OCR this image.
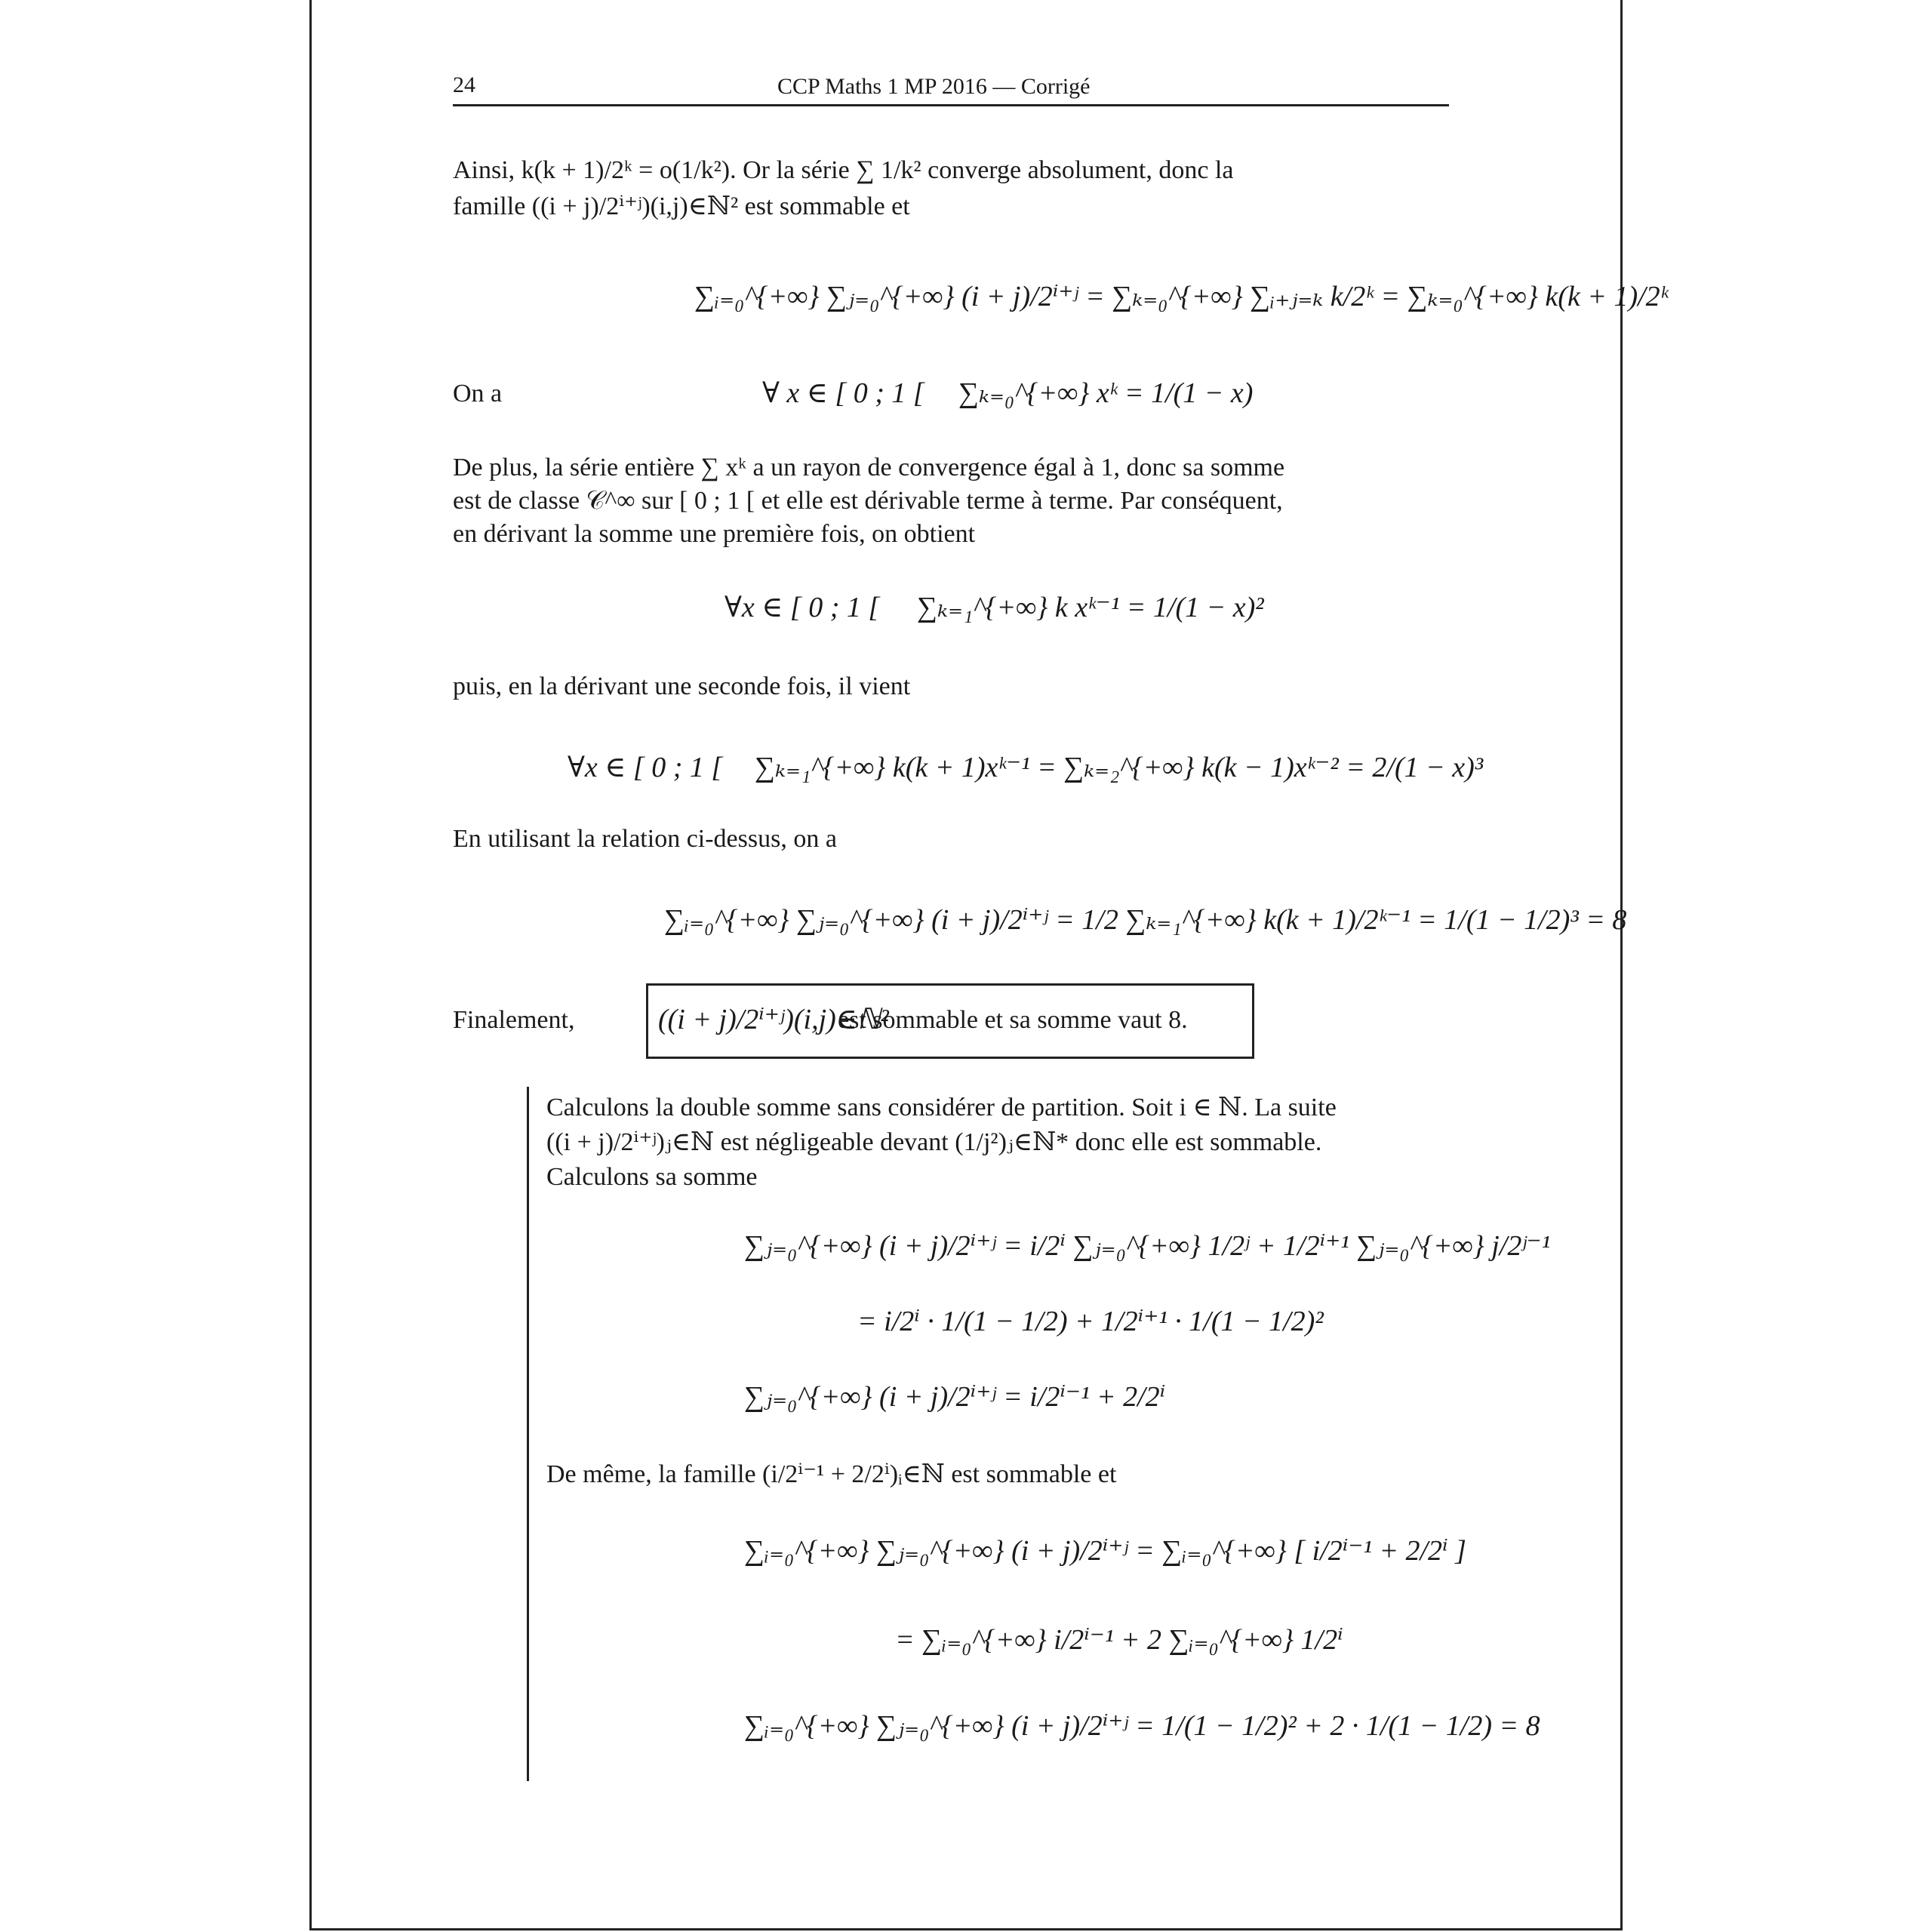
24	CCP Maths 1 MP 2016 — Corrigé
Ainsi, k(k + 1)/2ᵏ = o(1/k²). Or la série ∑ 1/k² converge absolument, donc la
famille ((i + j)/2ⁱ⁺ʲ)(i,j)∈ℕ² est sommable et
∑ᵢ₌₀^{+∞} ∑ⱼ₌₀^{+∞} (i + j)/2ⁱ⁺ʲ = ∑ₖ₌₀^{+∞} ∑ᵢ₊ⱼ₌ₖ k/2ᵏ = ∑ₖ₌₀^{+∞} k(k + 1)/2ᵏ
On a	∀ x ∈ [ 0 ; 1 [ ∑ₖ₌₀^{+∞} xᵏ = 1/(1 − x)
De plus, la série entière ∑ xᵏ a un rayon de convergence égal à 1, donc sa somme
est de classe 𝒞^∞ sur [ 0 ; 1 [ et elle est dérivable terme à terme. Par conséquent,
en dérivant la somme une première fois, on obtient
∀x ∈ [ 0 ; 1 [ ∑ₖ₌₁^{+∞} k xᵏ⁻¹ = 1/(1 − x)²
puis, en la dérivant une seconde fois, il vient
∀x ∈ [ 0 ; 1 [ ∑ₖ₌₁^{+∞} k(k + 1)xᵏ⁻¹ = ∑ₖ₌₂^{+∞} k(k − 1)xᵏ⁻² = 2/(1 − x)³
En utilisant la relation ci-dessus, on a
∑ᵢ₌₀^{+∞} ∑ⱼ₌₀^{+∞} (i + j)/2ⁱ⁺ʲ = 1/2 ∑ₖ₌₁^{+∞} k(k + 1)/2ᵏ⁻¹ = 1/(1 − 1/2)³ = 8
Finalement,	((i + j)/2ⁱ⁺ʲ)(i,j)∈ℕ²
est sommable et sa somme vaut 8.
Calculons la double somme sans considérer de partition. Soit i ∈ ℕ. La suite
((i + j)/2ⁱ⁺ʲ)ⱼ∈ℕ est négligeable devant (1/j²)ⱼ∈ℕ* donc elle est sommable.
Calculons sa somme
∑ⱼ₌₀^{+∞} (i + j)/2ⁱ⁺ʲ = i/2ⁱ ∑ⱼ₌₀^{+∞} 1/2ʲ + 1/2ⁱ⁺¹ ∑ⱼ₌₀^{+∞} j/2ʲ⁻¹
= i/2ⁱ · 1/(1 − 1/2) + 1/2ⁱ⁺¹ · 1/(1 − 1/2)²
∑ⱼ₌₀^{+∞} (i + j)/2ⁱ⁺ʲ = i/2ⁱ⁻¹ + 2/2ⁱ
De même, la famille (i/2ⁱ⁻¹ + 2/2ⁱ)ᵢ∈ℕ est sommable et
∑ᵢ₌₀^{+∞} ∑ⱼ₌₀^{+∞} (i + j)/2ⁱ⁺ʲ = ∑ᵢ₌₀^{+∞} [ i/2ⁱ⁻¹ + 2/2ⁱ ]
= ∑ᵢ₌₀^{+∞} i/2ⁱ⁻¹ + 2 ∑ᵢ₌₀^{+∞} 1/2ⁱ
∑ᵢ₌₀^{+∞} ∑ⱼ₌₀^{+∞} (i + j)/2ⁱ⁺ʲ = 1/(1 − 1/2)² + 2 · 1/(1 − 1/2) = 8
